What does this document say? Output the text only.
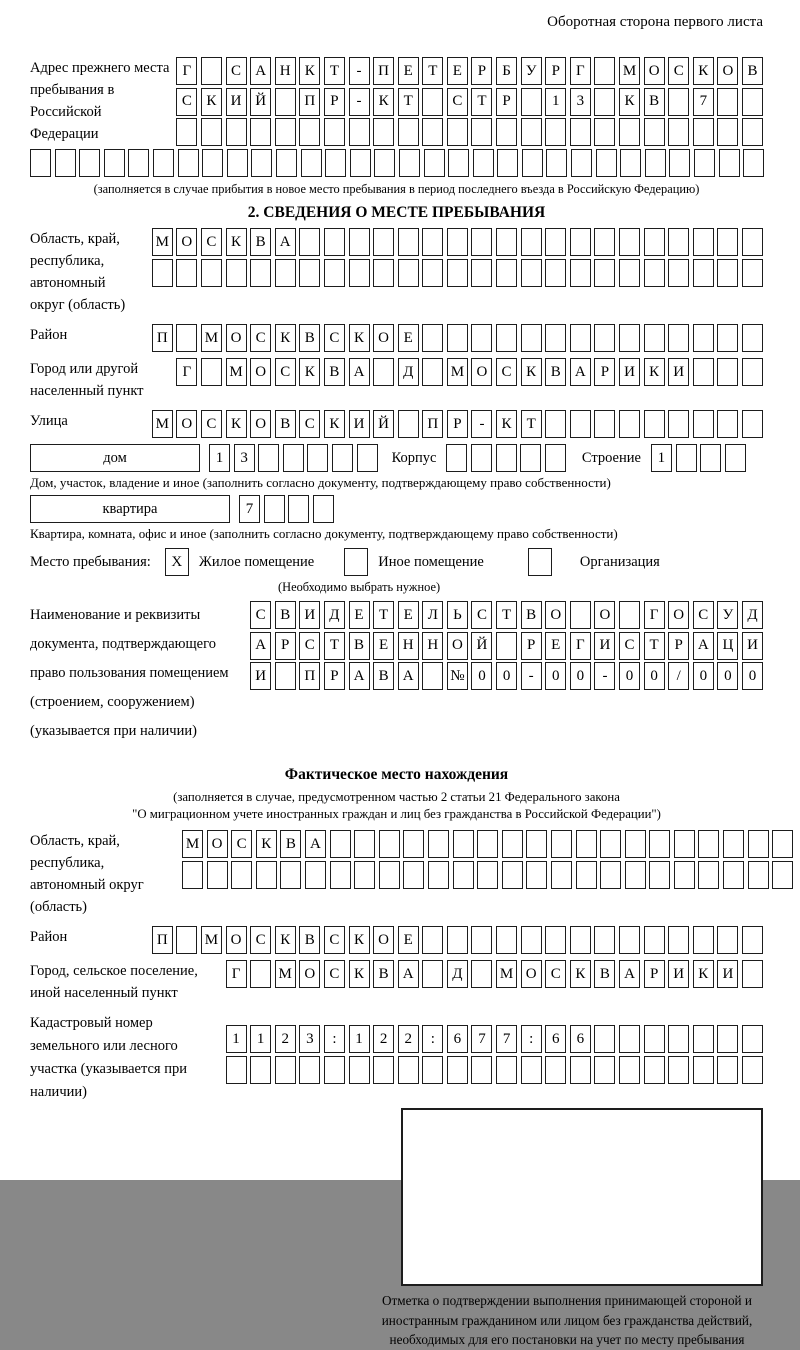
Оборотная сторона первого листа
Адрес прежнего места пребывания в Российской Федерации
Г	С А Н К	Т	-	П Е	Т	Е	Р	Б У	Р	Г	М О С К О В
С К И Й	П	Р	-	К	Т	С	Т	Р	1	3	К В	7
(заполняется в случае прибытия в новое место пребывания в период последнего въезда в Российскую Федерацию)
2. СВЕДЕНИЯ О МЕСТЕ ПРЕБЫВАНИЯ
Область, край, республика, автономный округ (область)
М О С К В А
Район	П	М О С К В С К О Е
Город или другой населенный пункт
Г	М О С К В А	Д	М О С К В А	Р	И К И
Улица	М О С К О В С К И Й	П	Р	-	К	Т
дом	1	3	Корпус	Строение	1
Дом, участок, владение и иное (заполнить согласно документу, подтверждающему право собственности)
квартира	7
Квартира, комната, офис и иное (заполнить согласно документу, подтверждающему право собственности)
Место пребывания:	X	Жилое помещение	Иное помещение	Организация
(Необходимо выбрать нужное)
Наименование и реквизиты документа, подтверждающего право пользования помещением (строением, сооружением) (указывается при наличии)
С В И Д Е	Т	Е Л	Ь	С	Т	В О	О	Г О С У Д
А	Р	С	Т	В	Е Н Н О Й	Р	Е	Г И С	Т	Р	А Ц И
И	П	Р	А В А	№ 0	0	-	0	0	-	0	0	/	0	0	0
Фактическое место нахождения
(заполняется в случае, предусмотренном частью 2 статьи 21 Федерального закона
"О миграционном учете иностранных граждан и лиц без гражданства в Российской Федерации")
Область, край, республика, автономный округ (область)
М О С К В А
Район	П	М О С К В С К О Е
Город, сельское поселение, иной населенный пункт
Г	М О С К В А	Д	М О С К В А	Р	И К И
Кадастровый номер земельного или лесного участка (указывается при наличии)
1	1	2	3	:	1	2	2	:	6	7	7	:	6	6
Отметка о подтверждении выполнения принимающей стороной и иностранным гражданином или лицом без гражданства действий, необходимых для его постановки на учет по месту пребывания
